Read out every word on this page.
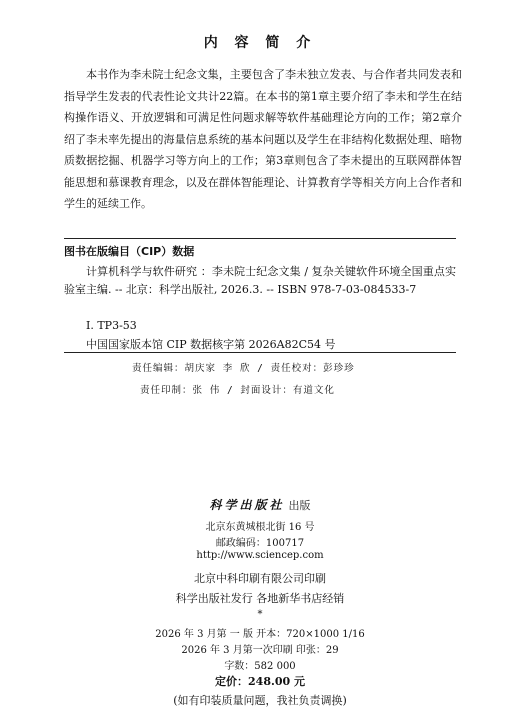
内 容 简 介
本书作为李未院士纪念文集，主要包含了李未独立发表、与合作者共同发表和指导学生发表的代表性论文共计22篇。在本书的第1章主要介绍了李未和学生在结构操作语义、开放逻辑和可满足性问题求解等软件基础理论方向的工作；第2章介绍了李未率先提出的海量信息系统的基本问题以及学生在非结构化数据处理、暗物质数据挖掘、机器学习等方向上的工作；第3章则包含了李未提出的互联网群体智能思想和慕课教育理念，以及在群体智能理论、计算教育学等相关方向上合作者和学生的延续工作。
图书在版编目（CIP）数据
计算机科学与软件研究 ：李未院士纪念文集 / 复杂关键软件环境全国重点实验室主编. -- 北京：科学出版社, 2026.3. -- ISBN 978-7-03-084533-7
Ⅰ. TP3-53
中国国家版本馆 CIP 数据核字第 2026A82C54 号
责任编辑：胡庆家 李 欣 / 责任校对：彭珍珍
责任印制：张 伟 / 封面设计：有道文化
科学出版社 出版
北京东黄城根北街 16 号
邮政编码：100717
http://www.sciencep.com
北京中科印刷有限公司印刷
科学出版社发行 各地新华书店经销
*
2026 年 3 月第 一 版 开本：720×1000 1/16
2026 年 3 月第一次印刷 印张：29
字数：582 000
定价：248.00 元
(如有印装质量问题，我社负责调换)
